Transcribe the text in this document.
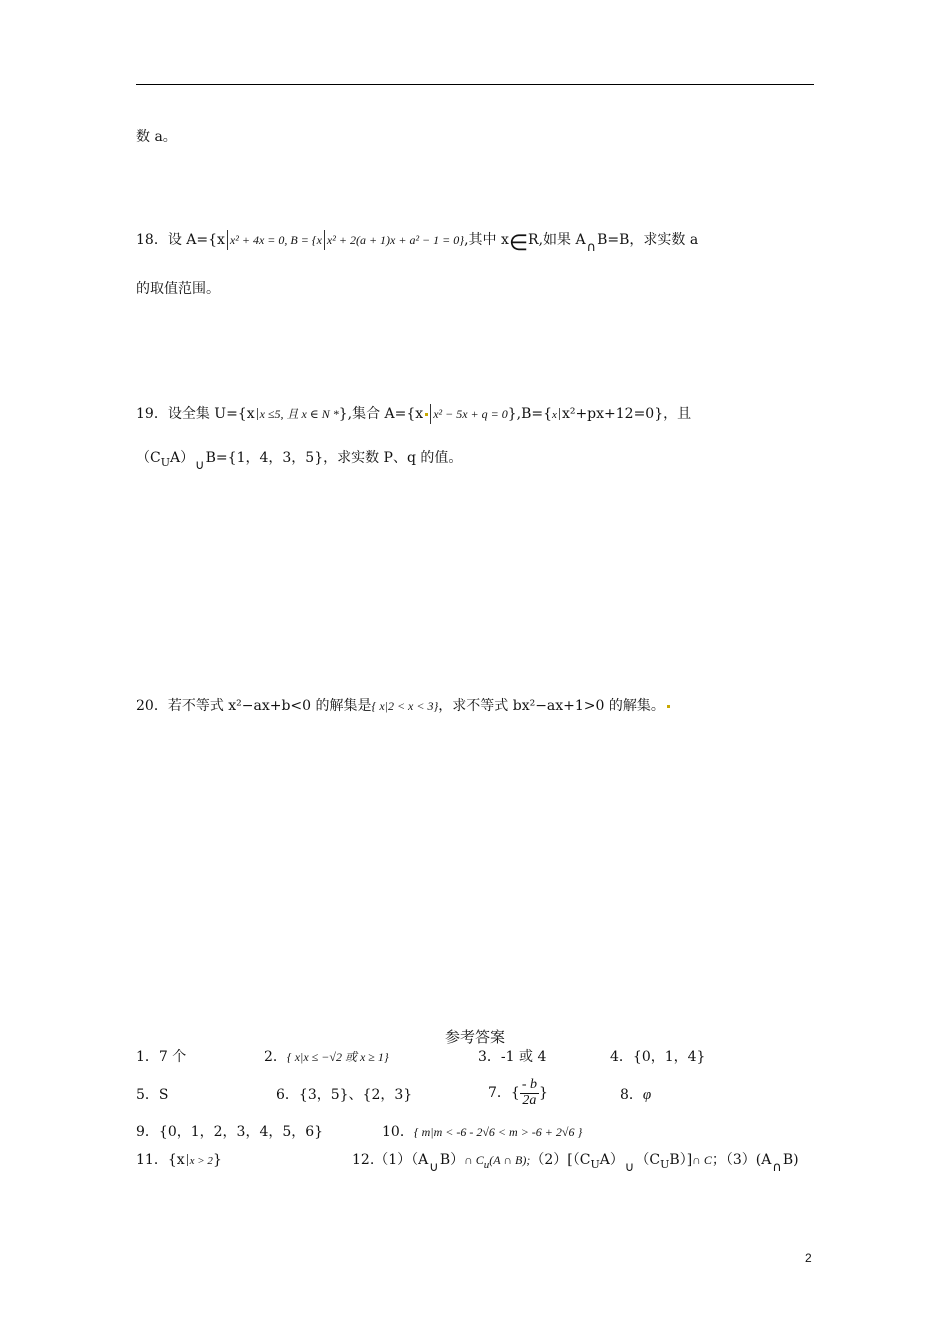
数 a。
18．设 A={x x² + 4x = 0, B = {x x² + 2(a + 1)x + a² − 1 = 0},其中 x∈R,如果 A∩B=B，求实数 a
的取值范围。
19．设全集 U={x x ≤5, 且 x ∈ N *},集合 A={x x² − 5x + q = 0},B={x x²+px+12=0}，且
$(C_UA)\cup B=\{1$，4，3，5}，求实数 P、q 的值。
20．若不等式 x²−ax+b<0 的解集是{ x|2 < x < 3}，求不等式 bx²−ax+1>0 的解集。
参考答案
1．7 个	2．{ x|x ≤ −√2 或 x ≥ 1}	3．-1 或 4	4．{0，1，4}
5．S	6．{3，5}、{2，3}	7．{ $\frac{- b}{2a}$ }	8．φ
9．{0，1，2，3，4，5，6}	10．{ m|m < -6 - 2√6 < m > -6 + 2√6 }
11．{x x > 2}	12.（1）（A∪B）∩ $C_u(A$ ∩ $B);(2)[(C_UA)\cup(C_UB)]\cap$ C；（3）(A∩B)
2
